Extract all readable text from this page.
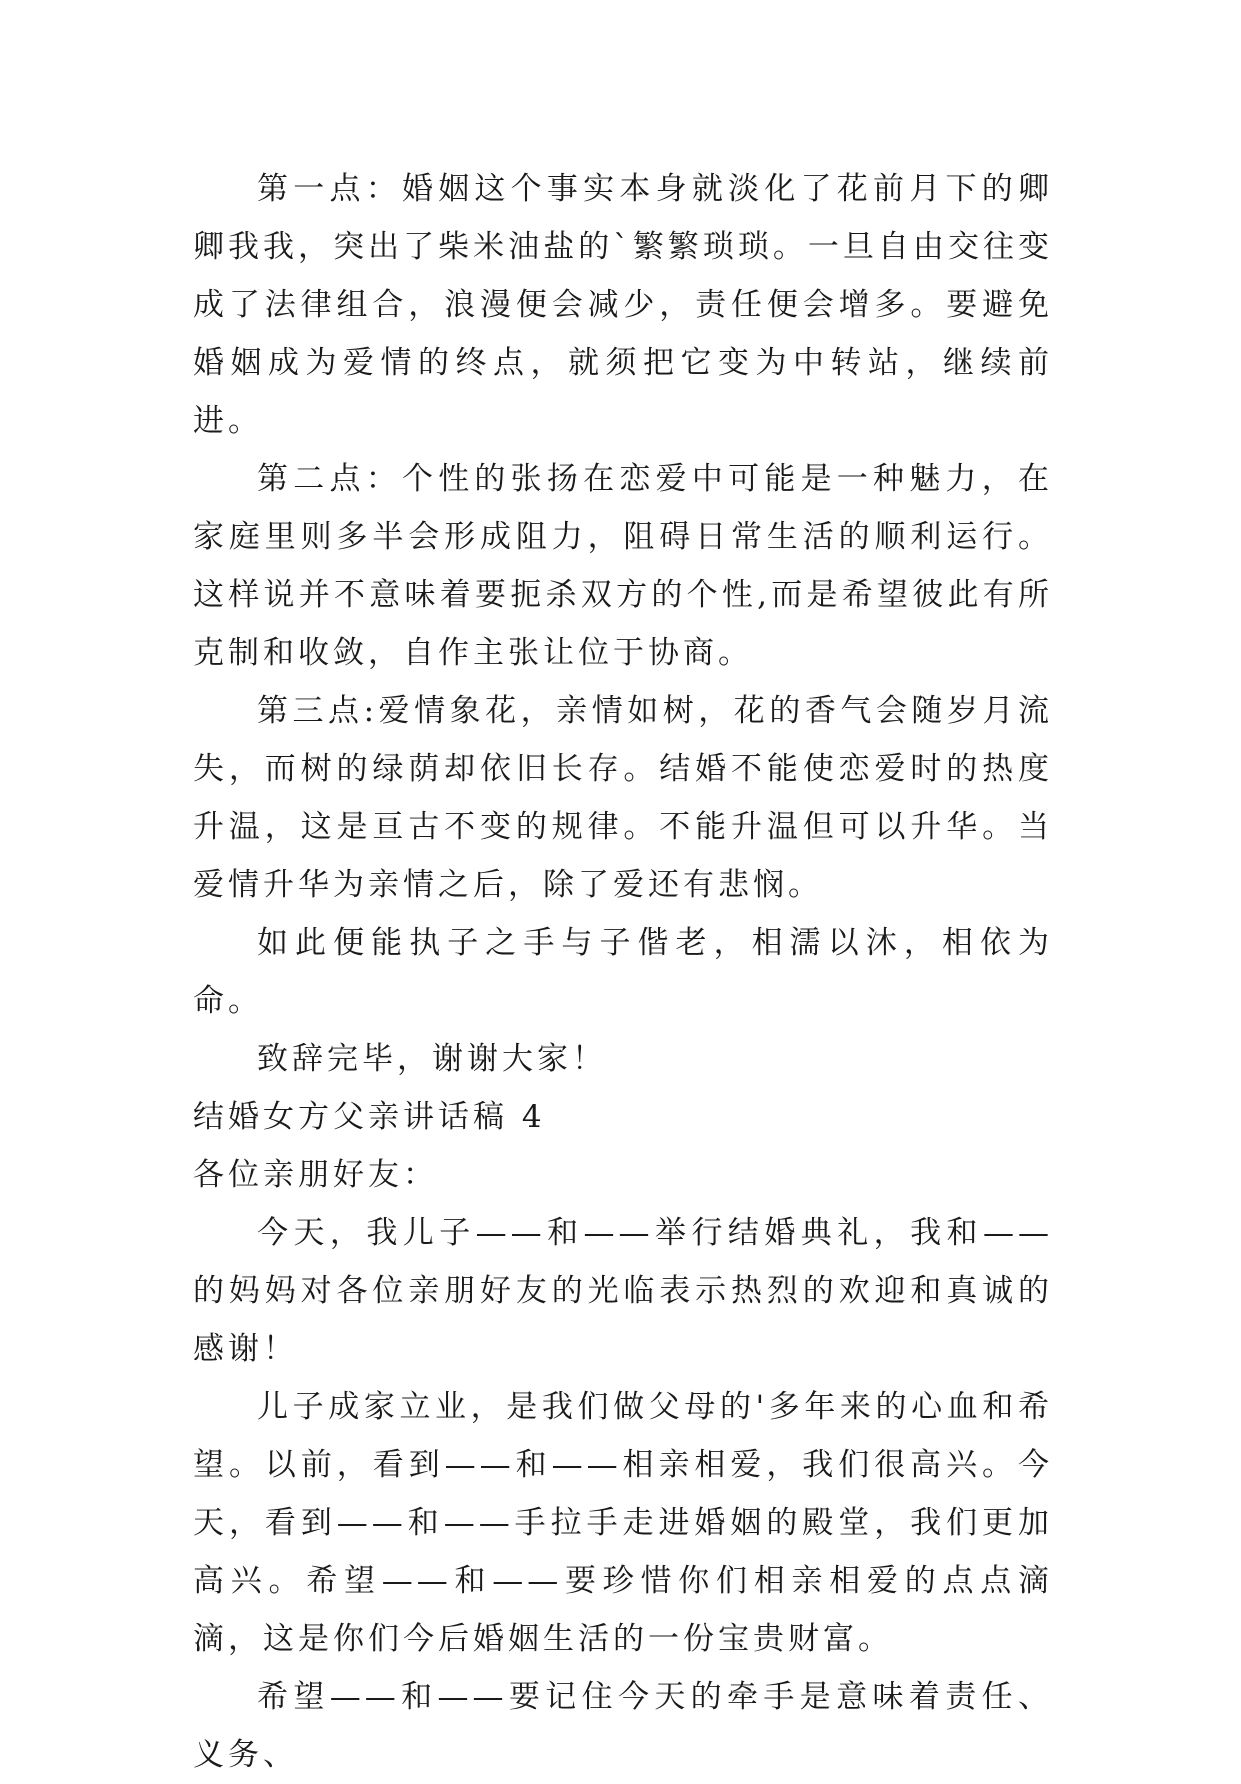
第一点：婚姻这个事实本身就淡化了花前月下的卿卿我我，突出了柴米油盐的`繁繁琐琐。一旦自由交往变成了法律组合，浪漫便会减少，责任便会增多。要避免婚姻成为爱情的终点，就须把它变为中转站，继续前进。

第二点：个性的张扬在恋爱中可能是一种魅力，在家庭里则多半会形成阻力，阻碍日常生活的顺利运行。这样说并不意味着要扼杀双方的个性,而是希望彼此有所克制和收敛，自作主张让位于协商。

第三点:爱情象花，亲情如树，花的香气会随岁月流失，而树的绿荫却依旧长存。结婚不能使恋爱时的热度升温，这是亘古不变的规律。不能升温但可以升华。当爱情升华为亲情之后，除了爱还有悲悯。

如此便能执子之手与子偕老，相濡以沐，相依为命。

致辞完毕，谢谢大家！

结婚女方父亲讲话稿 4

各位亲朋好友：

今天，我儿子——和——举行结婚典礼，我和——的妈妈对各位亲朋好友的光临表示热烈的欢迎和真诚的感谢！

儿子成家立业，是我们做父母的'多年来的心血和希望。以前，看到——和——相亲相爱，我们很高兴。今天，看到——和——手拉手走进婚姻的殿堂，我们更加高兴。希望——和——要珍惜你们相亲相爱的点点滴滴，这是你们今后婚姻生活的一份宝贵财富。

希望——和——要记住今天的牵手是意味着责任、义务、
